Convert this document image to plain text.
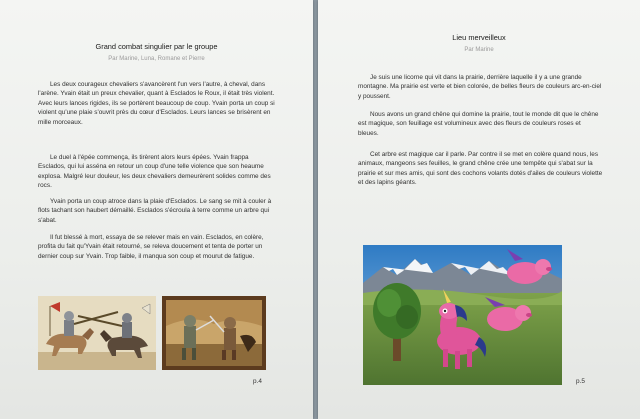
Grand combat singulier par le groupe
Par Marine, Luna, Romane et Pierre
Les deux courageux chevaliers s'avancèrent l'un vers l'autre, à cheval, dans l'arène. Yvain était un preux chevalier, quant à Esclados le Roux, il était très violent. Avec leurs lances rigides, ils se portèrent beaucoup de coup. Yvain porta un coup si violent qu'une plaie s'ouvrit près du cœur d'Esclados. Leurs lances se brisèrent en mille morceaux.
Le duel à l'épée commença, ils tirèrent alors leurs épées. Yvain frappa Esclados, qui lui asséna en retour un coup d'une telle violence que son heaume explosa. Malgré leur douleur, les deux chevaliers demeurèrent solides comme des rocs.
Yvain porta un coup atroce dans la plaie d'Esclados. Le sang se mit à couler à flots tachant son haubert démaillé. Esclados s'écroula à terre comme un arbre qui s'abat.
Il fut blessé à mort, essaya de se relever mais en vain. Esclados, en colère, profita du fait qu'Yvain était retourné, se releva doucement et tenta de porter un dernier coup sur Yvain. Trop faible, il manqua son coup et mourut de fatigue.
p.4
Lieu merveilleux
Par Marine
Je suis une licorne qui vit dans la prairie, derrière laquelle il y a une grande montagne. Ma prairie est verte et bien colorée, de belles fleurs de couleurs arc-en-ciel y poussent.
Nous avons un grand chêne qui domine la prairie, tout le monde dit que le chêne est magique, son feuillage est volumineux avec des fleurs de couleurs roses et bleues.
Cet arbre est magique car il parle. Par contre il se met en colère quand nous, les animaux, mangeons ses feuilles, le grand chêne crée une tempête qui s'abat sur la prairie et sur mes amis, qui sont des cochons volants dotés d'ailes de couleurs violette et des lapins géants.
p.5
